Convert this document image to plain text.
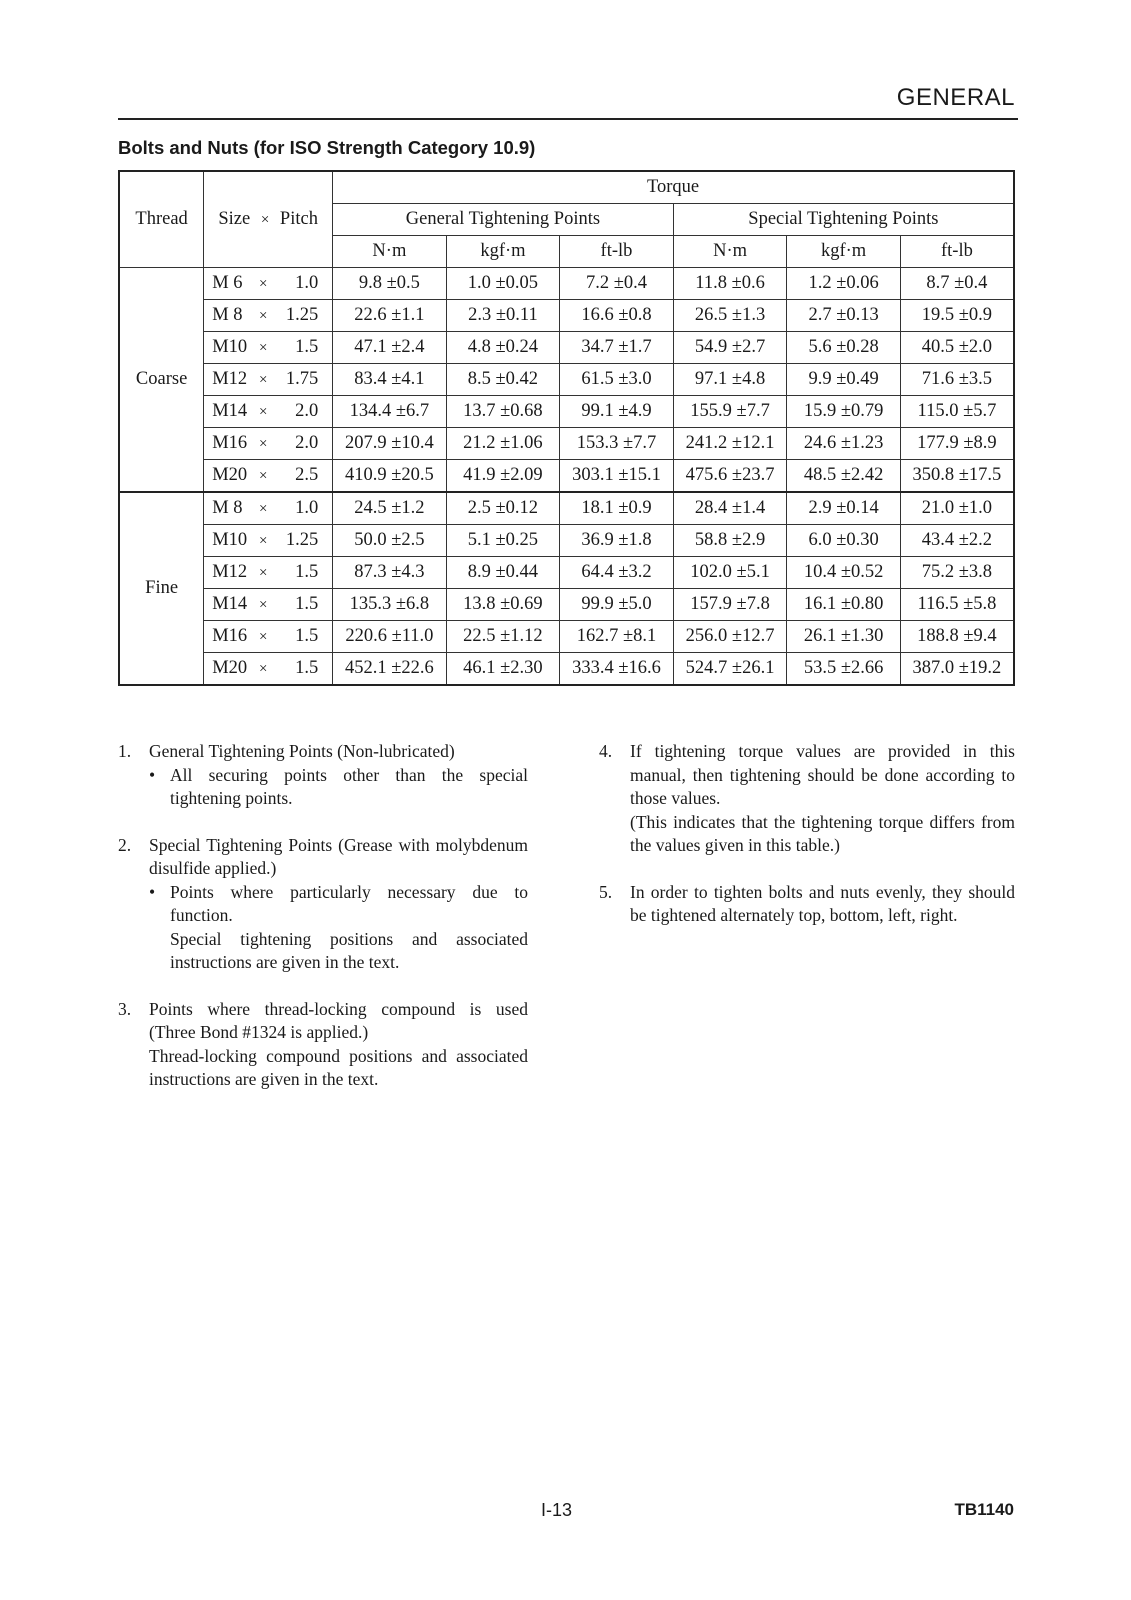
GENERAL
Bolts and Nuts (for ISO Strength Category 10.9)
Thread	Size × Pitch	Torque					
		General Tightening Points			Special Tightening Points		
		N·m	kgf·m	ft-lb	N·m	kgf·m	ft-lb
Coarse	M 6 × 1.0	9.8 ±0.5	1.0 ±0.05	7.2 ±0.4	11.8 ±0.6	1.2 ±0.06	8.7 ±0.4
	M 8 × 1.25	22.6 ±1.1	2.3 ±0.11	16.6 ±0.8	26.5 ±1.3	2.7 ±0.13	19.5 ±0.9
	M10 × 1.5	47.1 ±2.4	4.8 ±0.24	34.7 ±1.7	54.9 ±2.7	5.6 ±0.28	40.5 ±2.0
	M12 × 1.75	83.4 ±4.1	8.5 ±0.42	61.5 ±3.0	97.1 ±4.8	9.9 ±0.49	71.6 ±3.5
	M14 × 2.0	134.4 ±6.7	13.7 ±0.68	99.1 ±4.9	155.9 ±7.7	15.9 ±0.79	115.0 ±5.7
	M16 × 2.0	207.9 ±10.4	21.2 ±1.06	153.3 ±7.7	241.2 ±12.1	24.6 ±1.23	177.9 ±8.9
	M20 × 2.5	410.9 ±20.5	41.9 ±2.09	303.1 ±15.1	475.6 ±23.7	48.5 ±2.42	350.8 ±17.5
Fine	M 8 × 1.0	24.5 ±1.2	2.5 ±0.12	18.1 ±0.9	28.4 ±1.4	2.9 ±0.14	21.0 ±1.0
	M10 × 1.25	50.0 ±2.5	5.1 ±0.25	36.9 ±1.8	58.8 ±2.9	6.0 ±0.30	43.4 ±2.2
	M12 × 1.5	87.3 ±4.3	8.9 ±0.44	64.4 ±3.2	102.0 ±5.1	10.4 ±0.52	75.2 ±3.8
	M14 × 1.5	135.3 ±6.8	13.8 ±0.69	99.9 ±5.0	157.9 ±7.8	16.1 ±0.80	116.5 ±5.8
	M16 × 1.5	220.6 ±11.0	22.5 ±1.12	162.7 ±8.1	256.0 ±12.7	26.1 ±1.30	188.8 ±9.4
	M20 × 1.5	452.1 ±22.6	46.1 ±2.30	333.4 ±16.6	524.7 ±26.1	53.5 ±2.66	387.0 ±19.2
1.	General Tightening Points (Non-lubricated)
• All securing points other than the special tightening points.
2.	Special Tightening Points (Grease with molybdenum disulfide applied.)
• Points where particularly necessary due to function.
Special tightening positions and associated instructions are given in the text.
3.	Points where thread-locking compound is used (Three Bond #1324 is applied.)
Thread-locking compound positions and associated instructions are given in the text.
4.	If tightening torque values are provided in this manual, then tightening should be done according to those values.
(This indicates that the tightening torque differs from the values given in this table.)
5.	In order to tighten bolts and nuts evenly, they should be tightened alternately top, bottom, left, right.
I-13	TB1140
